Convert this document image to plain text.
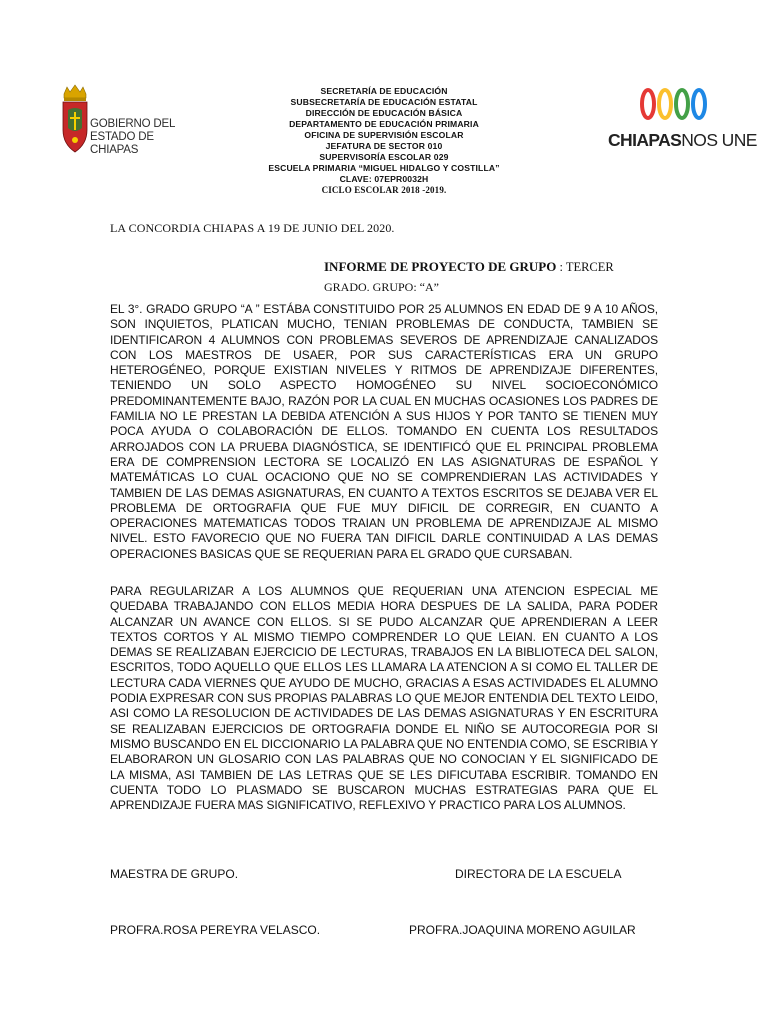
GOBIERNO DEL
ESTADO DE CHIAPAS	CHIAPASNOS UNE
SECRETARÍA DE EDUCACIÓN
SUBSECRETARÍA DE EDUCACIÓN ESTATAL
DIRECCIÓN DE EDUCACIÓN BÁSICA
DEPARTAMENTO DE EDUCACIÓN PRIMARIA
OFICINA DE SUPERVISIÓN ESCOLAR
JEFATURA DE SECTOR 010
SUPERVISORÍA ESCOLAR 029
ESCUELA PRIMARIA “MIGUEL HIDALGO Y COSTILLA”
CLAVE: 07EPR0032H
CICLO ESCOLAR 2018 -2019.
LA CONCORDIA CHIAPAS A 19 DE JUNIO DEL 2020.
INFORME DE PROYECTO DE GRUPO : TERCER
GRADO. GRUPO: “A”

EL 3°. GRADO GRUPO “A ” ESTÁBA CONSTITUIDO POR 25 ALUMNOS EN EDAD DE 9 A 10 AÑOS, SON INQUIETOS, PLATICAN MUCHO, TENIAN PROBLEMAS DE CONDUCTA, TAMBIEN SE IDENTIFICARON 4 ALUMNOS CON PROBLEMAS SEVEROS DE APRENDIZAJE CANALIZADOS CON LOS MAESTROS DE USAER, POR SUS CARACTERÍSTICAS ERA UN GRUPO HETEROGÉNEO, PORQUE EXISTIAN NIVELES Y RITMOS DE APRENDIZAJE DIFERENTES, TENIENDO UN SOLO ASPECTO HOMOGÉNEO SU NIVEL SOCIOECONÓMICO PREDOMINANTEMENTE BAJO, RAZÓN POR LA CUAL EN MUCHAS OCASIONES LOS PADRES DE FAMILIA NO LE PRESTAN LA DEBIDA ATENCIÓN A SUS HIJOS Y POR TANTO SE TIENEN MUY POCA AYUDA O COLABORACIÓN DE ELLOS. TOMANDO EN CUENTA LOS RESULTADOS ARROJADOS CON LA PRUEBA DIAGNÓSTICA, SE IDENTIFICÓ QUE EL PRINCIPAL PROBLEMA ERA DE COMPRENSION LECTORA SE LOCALIZÓ EN LAS ASIGNATURAS DE ESPAÑOL Y MATEMÁTICAS LO CUAL OCACIONO QUE NO SE COMPRENDIERAN LAS ACTIVIDADES Y TAMBIEN DE LAS DEMAS ASIGNATURAS, EN CUANTO A TEXTOS ESCRITOS SE DEJABA VER EL PROBLEMA DE ORTOGRAFIA QUE FUE MUY DIFICIL DE CORREGIR, EN CUANTO A OPERACIONES MATEMATICAS TODOS TRAIAN UN PROBLEMA DE APRENDIZAJE AL MISMO NIVEL. ESTO FAVORECIO QUE NO FUERA TAN DIFICIL DARLE CONTINUIDAD A LAS DEMAS OPERACIONES BASICAS QUE SE REQUERIAN PARA EL GRADO QUE CURSABAN.

PARA REGULARIZAR A LOS ALUMNOS QUE REQUERIAN UNA ATENCION ESPECIAL ME QUEDABA TRABAJANDO CON ELLOS MEDIA HORA DESPUES DE LA SALIDA, PARA PODER ALCANZAR UN AVANCE CON ELLOS. SI SE PUDO ALCANZAR QUE APRENDIERAN A LEER TEXTOS CORTOS Y AL MISMO TIEMPO COMPRENDER LO QUE LEIAN. EN CUANTO A LOS DEMAS SE REALIZABAN EJERCICIO DE LECTURAS, TRABAJOS EN LA BIBLIOTECA DEL SALON, ESCRITOS, TODO AQUELLO QUE ELLOS LES LLAMARA LA ATENCION A SI COMO EL TALLER DE LECTURA CADA VIERNES QUE AYUDO DE MUCHO, GRACIAS A ESAS ACTIVIDADES EL ALUMNO PODIA EXPRESAR CON SUS PROPIAS PALABRAS LO QUE MEJOR ENTENDIA DEL TEXTO LEIDO, ASI COMO LA RESOLUCION DE ACTIVIDADES DE LAS DEMAS ASIGNATURAS Y EN ESCRITURA SE REALIZABAN EJERCICIOS DE ORTOGRAFIA DONDE EL NIÑO SE AUTOCOREGIA POR SI MISMO BUSCANDO EN EL DICCIONARIO LA PALABRA QUE NO ENTENDIA COMO, SE ESCRIBIA Y ELABORARON UN GLOSARIO CON LAS PALABRAS QUE NO CONOCIAN Y EL SIGNIFICADO DE LA MISMA, ASI TAMBIEN DE LAS LETRAS QUE SE LES DIFICUTABA ESCRIBIR. TOMANDO EN CUENTA TODO LO PLASMADO SE BUSCARON MUCHAS ESTRATEGIAS PARA QUE EL APRENDIZAJE FUERA MAS SIGNIFICATIVO, REFLEXIVO Y PRACTICO PARA LOS ALUMNOS.

MAESTRA DE GRUPO.	DIRECTORA DE LA ESCUELA
PROFRA.ROSA PEREYRA VELASCO.	PROFRA.JOAQUINA MORENO AGUILAR
